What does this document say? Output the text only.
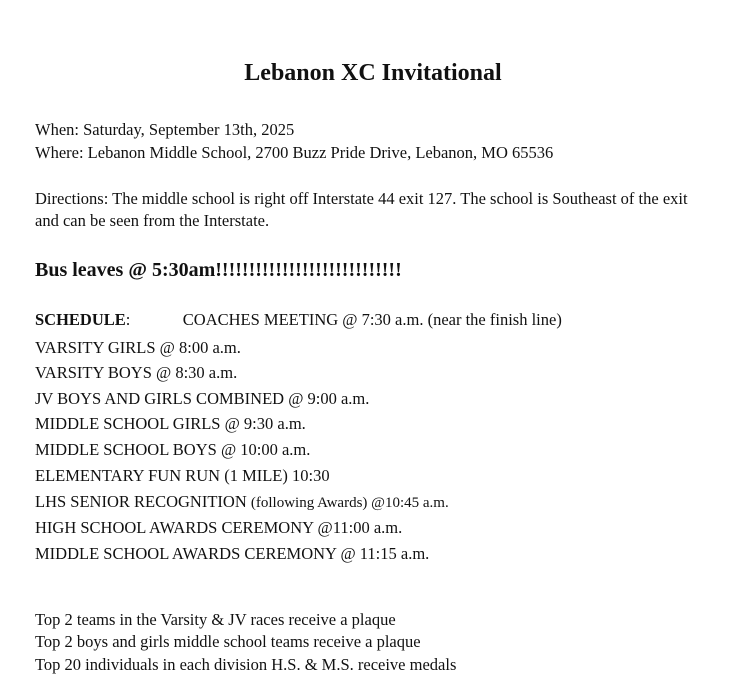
Lebanon XC Invitational
When: Saturday, September 13th, 2025
Where: Lebanon Middle School, 2700 Buzz Pride Drive, Lebanon, MO 65536
Directions: The middle school is right off Interstate 44 exit 127. The school is Southeast of the exit and can be seen from the Interstate.
Bus leaves @ 5:30am!!!!!!!!!!!!!!!!!!!!!!!!!!!!
SCHEDULE:	COACHES MEETING @ 7:30 a.m. (near the finish line)
VARSITY GIRLS @ 8:00 a.m.
VARSITY BOYS @ 8:30 a.m.
JV BOYS AND GIRLS COMBINED @ 9:00 a.m.
MIDDLE SCHOOL GIRLS @ 9:30 a.m.
MIDDLE SCHOOL BOYS @ 10:00 a.m.
ELEMENTARY FUN RUN (1 MILE) 10:30
LHS SENIOR RECOGNITION (following Awards) @10:45 a.m.
HIGH SCHOOL AWARDS CEREMONY @11:00 a.m.
MIDDLE SCHOOL AWARDS CEREMONY @ 11:15 a.m.
Top 2 teams in the Varsity & JV races receive a plaque
Top 2 boys and girls middle school teams receive a plaque
Top 20 individuals in each division H.S. & M.S. receive medals
